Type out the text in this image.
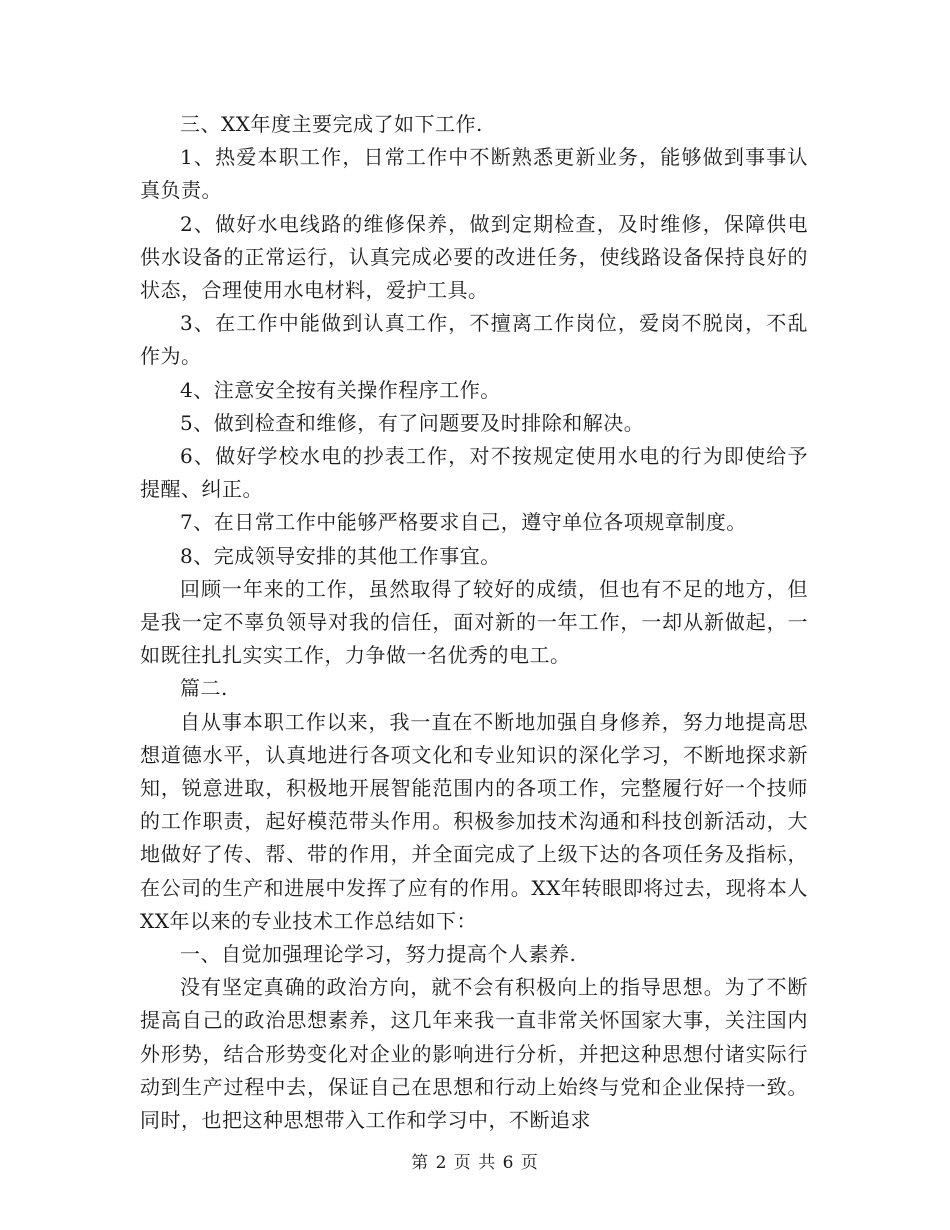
三、XX年度主要完成了如下工作.

1、热爱本职工作，日常工作中不断熟悉更新业务，能够做到事事认真负责。

2、做好水电线路的维修保养，做到定期检查，及时维修，保障供电供水设备的正常运行，认真完成必要的改进任务，使线路设备保持良好的状态，合理使用水电材料，爱护工具。

3、在工作中能做到认真工作，不擅离工作岗位，爱岗不脱岗，不乱作为。

4、注意安全按有关操作程序工作。

5、做到检查和维修，有了问题要及时排除和解决。

6、做好学校水电的抄表工作，对不按规定使用水电的行为即使给予提醒、纠正。

7、在日常工作中能够严格要求自己，遵守单位各项规章制度。

8、完成领导安排的其他工作事宜。

回顾一年来的工作，虽然取得了较好的成绩，但也有不足的地方，但是我一定不辜负领导对我的信任，面对新的一年工作，一却从新做起，一如既往扎扎实实工作，力争做一名优秀的电工。

篇二.

自从事本职工作以来，我一直在不断地加强自身修养，努力地提高思想道德水平，认真地进行各项文化和专业知识的深化学习，不断地探求新知，锐意进取，积极地开展智能范围内的各项工作，完整履行好一个技师的工作职责，起好模范带头作用。积极参加技术沟通和科技创新活动，大地做好了传、帮、带的作用，并全面完成了上级下达的各项任务及指标，在公司的生产和进展中发挥了应有的作用。XX年转眼即将过去，现将本人XX年以来的专业技术工作总结如下：

一、自觉加强理论学习，努力提高个人素养.

没有坚定真确的政治方向，就不会有积极向上的指导思想。为了不断提高自己的政治思想素养，这几年来我一直非常关怀国家大事，关注国内外形势，结合形势变化对企业的影响进行分析，并把这种思想付诸实际行动到生产过程中去，保证自己在思想和行动上始终与党和企业保持一致。同时，也把这种思想带入工作和学习中，不断追求

第 2 页 共 6 页
